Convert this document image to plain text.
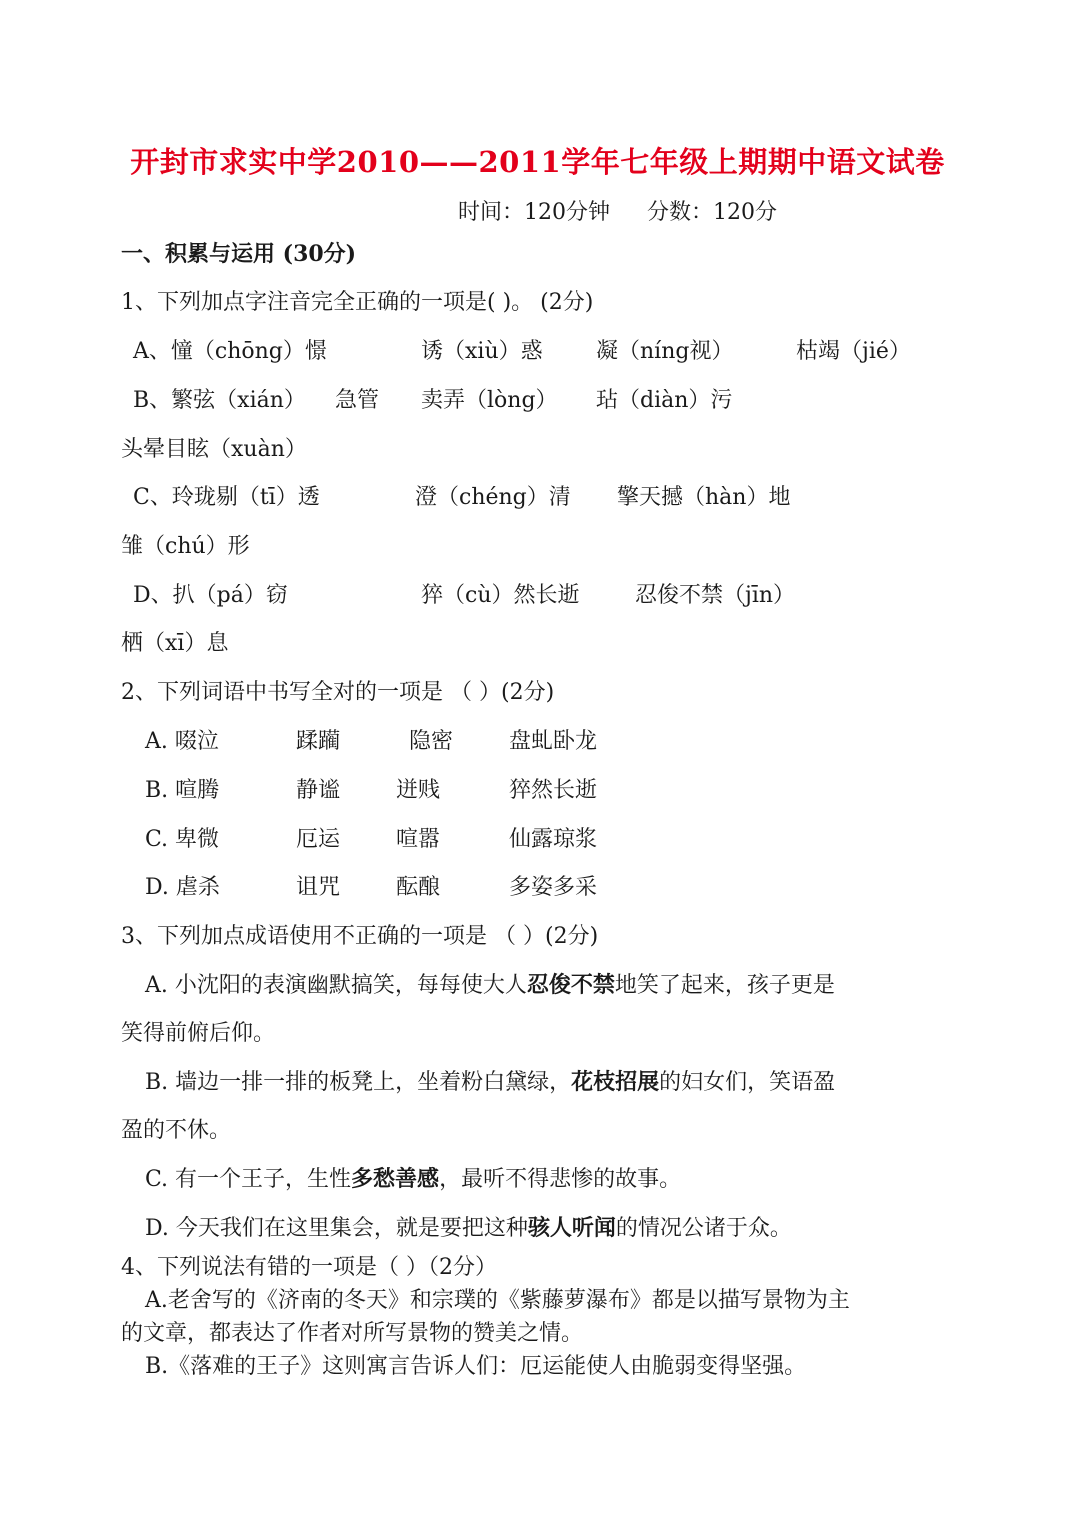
开封市求实中学2010——2011学年七年级上期期中语文试卷
时间：120分钟 分数：120分
一、积累与运用 (30分)
1、下列加点字注音完全正确的一项是( )。 (2分)
A、憧（chōng）憬	诱（xiù）惑 凝（níng视）	枯竭（jié）
B、繁弦（xián） 急管 卖弄（lòng） 玷（diàn）污
头晕目眩（xuàn）
C、玲珑剔（tī）透	澄（chéng）清 擎天撼（hàn）地
雏（chú）形
D、扒（pá）窃	猝（cù）然长逝	忍俊不禁（jīn）
栖（xī）息
2、下列词语中书写全对的一项是 （ ）(2分)
A. 啜泣	蹂躏	隐密	盘虬卧龙
B. 喧腾	静谧	迸贱	猝然长逝
C. 卑微	厄运	喧嚣	仙露琼浆
D. 虐杀	诅咒	酝酿	多姿多采
3、下列加点成语使用不正确的一项是 （ ）(2分)
A. 小沈阳的表演幽默搞笑，每每使大人忍俊不禁地笑了起来，孩子更是
笑得前俯后仰。
B. 墙边一排一排的板凳上，坐着粉白黛绿，花枝招展的妇女们，笑语盈
盈的不休。
C. 有一个王子，生性多愁善感，最听不得悲惨的故事。
D. 今天我们在这里集会，就是要把这种骇人听闻的情况公诸于众。
4、下列说法有错的一项是（ ）（2分）
A.老舍写的《济南的冬天》和宗璞的《紫藤萝瀑布》都是以描写景物为主
的文章，都表达了作者对所写景物的赞美之情。
B.《落难的王子》这则寓言告诉人们：厄运能使人由脆弱变得坚强。
